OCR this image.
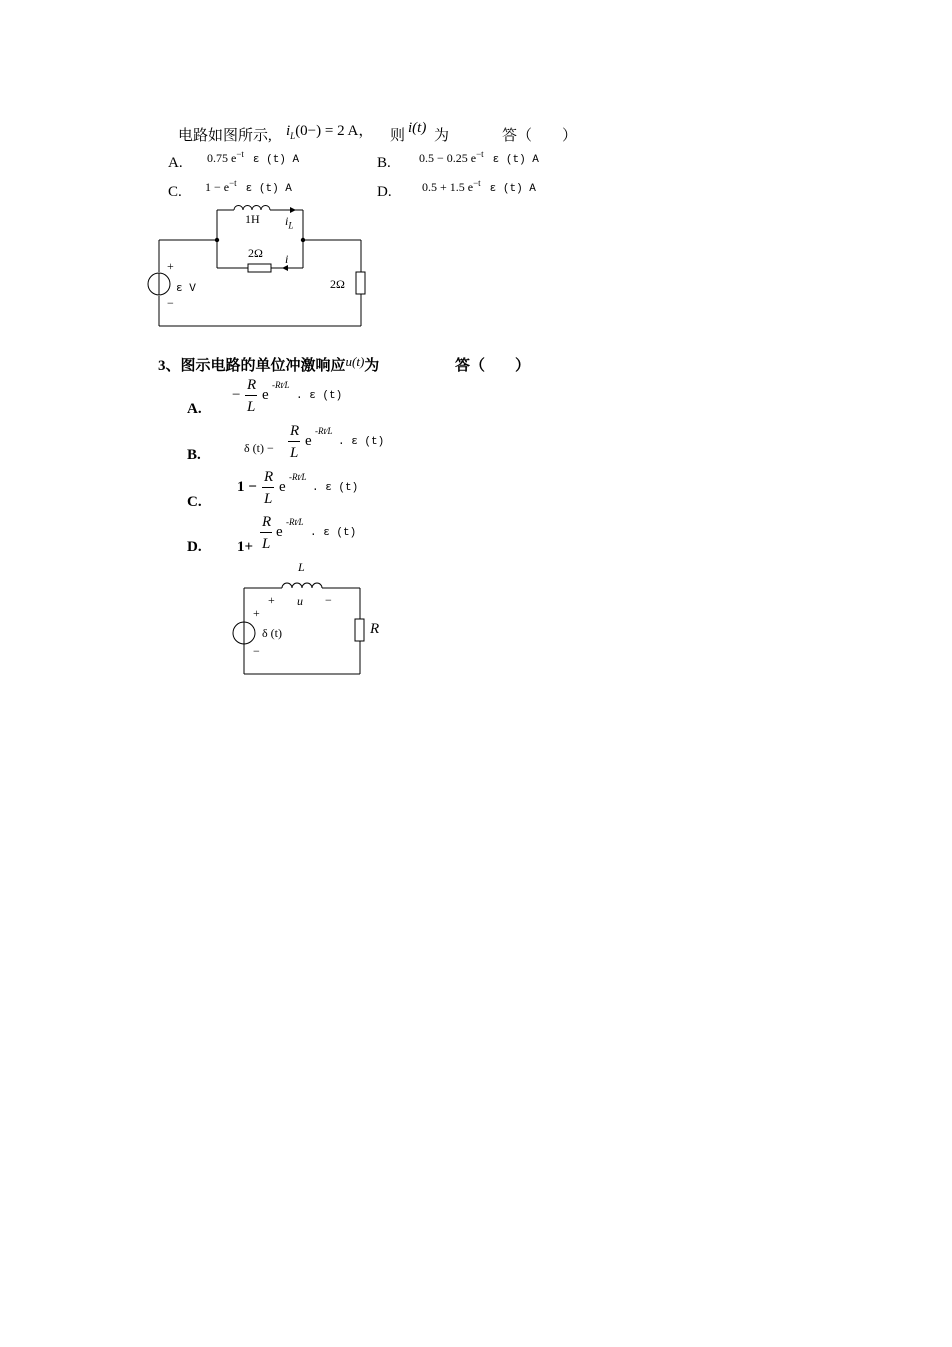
电路如图所示, $i_L(0-) = 2$ A， 则 i(t) 为	答（　　）
A. 0.75 $e^{-t}$ ε (t) A	B. 0.5 − 0.25 $e^{-t}$ ε (t) A
C. $1 - e^{-t}$ ε (t) A	D.	0.5 + 1.5 $e^{-t}$ ε (t) A
1H $i_L$
2Ω i
2Ω
+
ε V
−
3、图示电路的单位冲激响应u(t)为	答（　　）
A.
−
R
L
e
-Rt⁄L
. ε (t)
B.	δ (t) −
R
L
e
-Rt⁄L
. ε (t)
C.
1 −
R
L
e
-Rt⁄L
. ε (t)
D. 1+
R
L
e
-Rt⁄L
. ε (t)
L
+ u −
+
δ (t)
−
R
